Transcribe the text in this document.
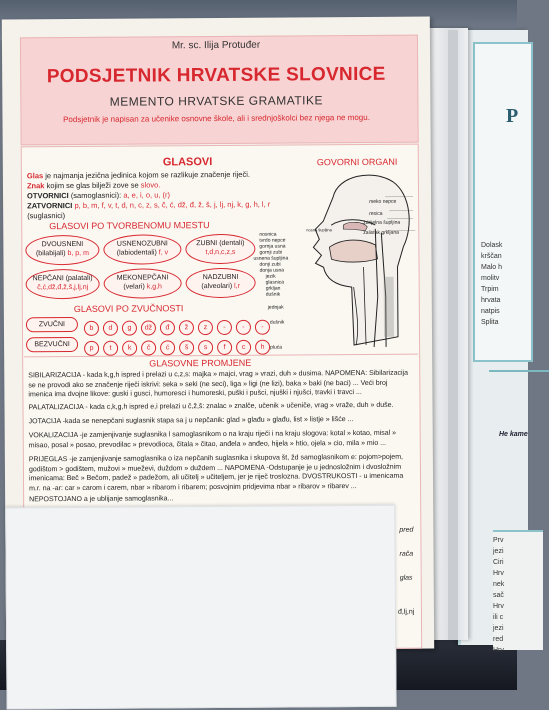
P
Dolask
krščan
Malo h
molitv
Trpim
hrvata
natpis
Splita
He kame
Prv
jezi
Ciri
Hrv
nek
sač
Hrv
ili c
jezi
red
Hrv
Mr. sc. Ilija Protuđer
PODSJETNIK HRVATSKE SLOVNICE
MEMENTO HRVATSKE GRAMATIKE
Podsjetnik je napisan za učenike osnovne škole, ali i srednjoškolci bez njega ne mogu.
GLASOVI	GOVORNI ORGANI
Glas je najmanja jezična jedinica kojom se razlikuje značenje riječi.
Znak kojim se glas bilježi zove se slovo.
OTVORNICI (samoglasnici): a, e, i, o, u, (r)
ZATVORNICI p, b, m, f, v, t, d, n, c, z, s, č, ć, dž, đ, ž, š, j, lj, nj, k, g, h, l, r
(suglasnici)
GLASOVI PO TVORBENOMU MJESTU
DVOUSNENI
(bilabijali) b, p, m
USNENOZUBNI
(labiodentali) f, v
ZUBNI (dentali)
t,d,n,c,z,s
NEPČANI (palatali)
č,ć,dž,đ,ž,š,j,lj,nj
MEKONEPČANI
(velari) k,g,h
NADZUBNI
(alveolari) l,r
GLASOVI PO ZVUČNOSTI
ZVUČNI
b d g dž đ ž z - - -
BEZVUČNI
p t k č ć š s f c h
meko nepce
resica
ždrijelna šupljina
zalistak grkljana
nosnica
tvrdo nepce
gornja usna
gornji zubi
usnena šupljina
donji zubi
donja usna
jezik
glasnica
grkljan
dušnik
jednjak
dušnik
pluća
nosna šupljina
GLASOVNE PROMJENE
SIBILARIZACIJA - kada k,g,h ispred i prelazi u c,z,s: majka » majci, vrag » vrazi, duh » dusima. NAPOMENA: Sibilarizacija se ne provodi ako se značenje riječi iskrivi: seka » seki (ne seci), liga » ligi (ne lizi), baka » baki (ne baci) ... Veći broj imenica ima dvojne likove: guski i gusci, humoresci i humoreski, puški i pušci, njuški i njušci, travki i travci ...
PALATALIZACIJA - kada c,k,g,h ispred e,i prelazi u č,ž,š: znalac » znalče, učenik » učeniče, vrag » vraže, duh » duše.
JOTACIJA -kada se nenepčani suglasnik stapa sa j u nepčanik: glad » glađu » glađu, list » listje » lišće ...
VOKALIZACIJA -je zamjenjivanje suglasnika l samoglasnikom o na kraju riječi i na kraju slogova: kotal » kotao, misal » misao, posal » posao, prevodilac » prevodioca, čitala » čitao, anđela » anđeo, hijela » htio, ojela » cio, mila » mio ...
PRIJEGLAS -je zamjenjivanje samoglasnika o iza nepčanih suglasnika i skupova št, žd samoglasnikom e: pojom>pojem, godištom > godištem, mužovi » mueževi, duždom » duždem ... NAPOMENA -Odstupanje je u jednosložnim i dvosložnim imenicama: Beč » Bečom, padež » padežom, ali učitelj » učiteljem, jer je riječ troslozna. DVOSTRUKOSTI - u imenicama m.r. na -ar: car » carom i carem, nbar » ribarom i ribarem; posvojnim pridjevima nbar » ribarov » ribarev ...
NEPOSTOJANO a je ublijanje samoglasnika...
pred
rača
glas
đ,lj,nj
